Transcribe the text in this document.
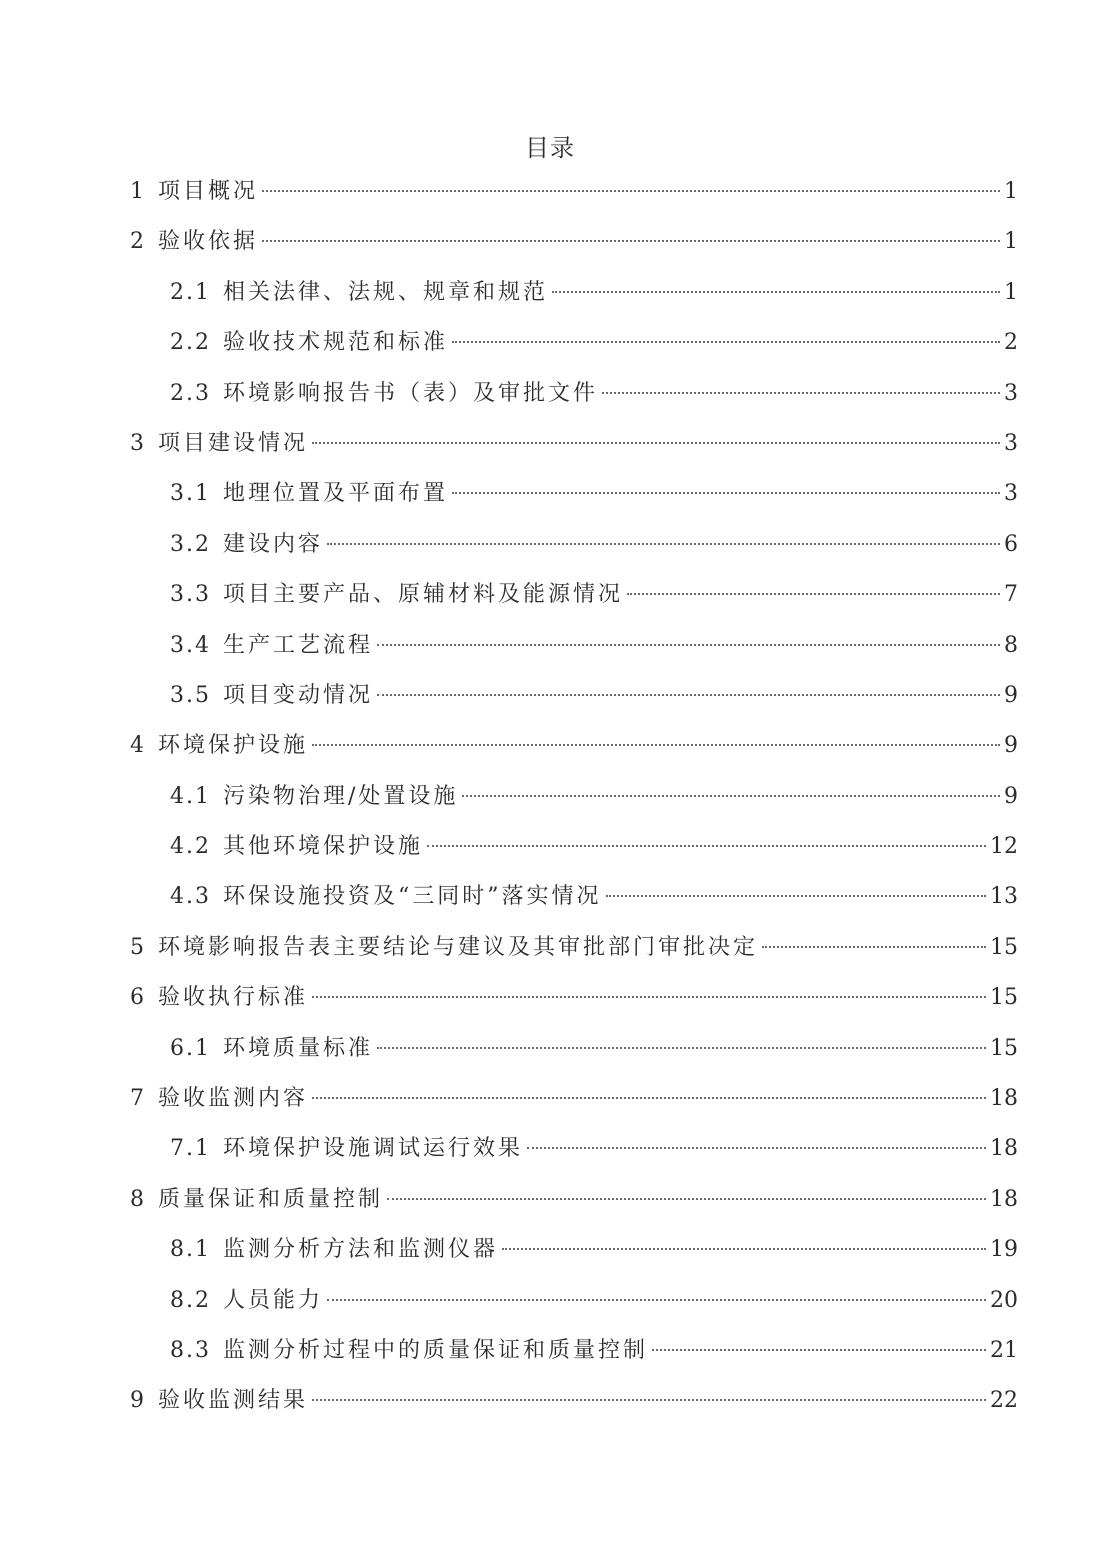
目录
1 项目概况	1
2 验收依据	1
2.1 相关法律、法规、规章和规范	1
2.2 验收技术规范和标准	2
2.3 环境影响报告书（表）及审批文件	3
3 项目建设情况	3
3.1 地理位置及平面布置	3
3.2 建设内容	6
3.3 项目主要产品、原辅材料及能源情况	7
3.4 生产工艺流程	8
3.5 项目变动情况	9
4 环境保护设施	9
4.1 污染物治理/处置设施	9
4.2 其他环境保护设施	12
4.3 环保设施投资及“三同时”落实情况	13
5 环境影响报告表主要结论与建议及其审批部门审批决定	15
6 验收执行标准	15
6.1 环境质量标准	15
7 验收监测内容	18
7.1 环境保护设施调试运行效果	18
8 质量保证和质量控制	18
8.1 监测分析方法和监测仪器	19
8.2 人员能力	20
8.3 监测分析过程中的质量保证和质量控制	21
9 验收监测结果	22
